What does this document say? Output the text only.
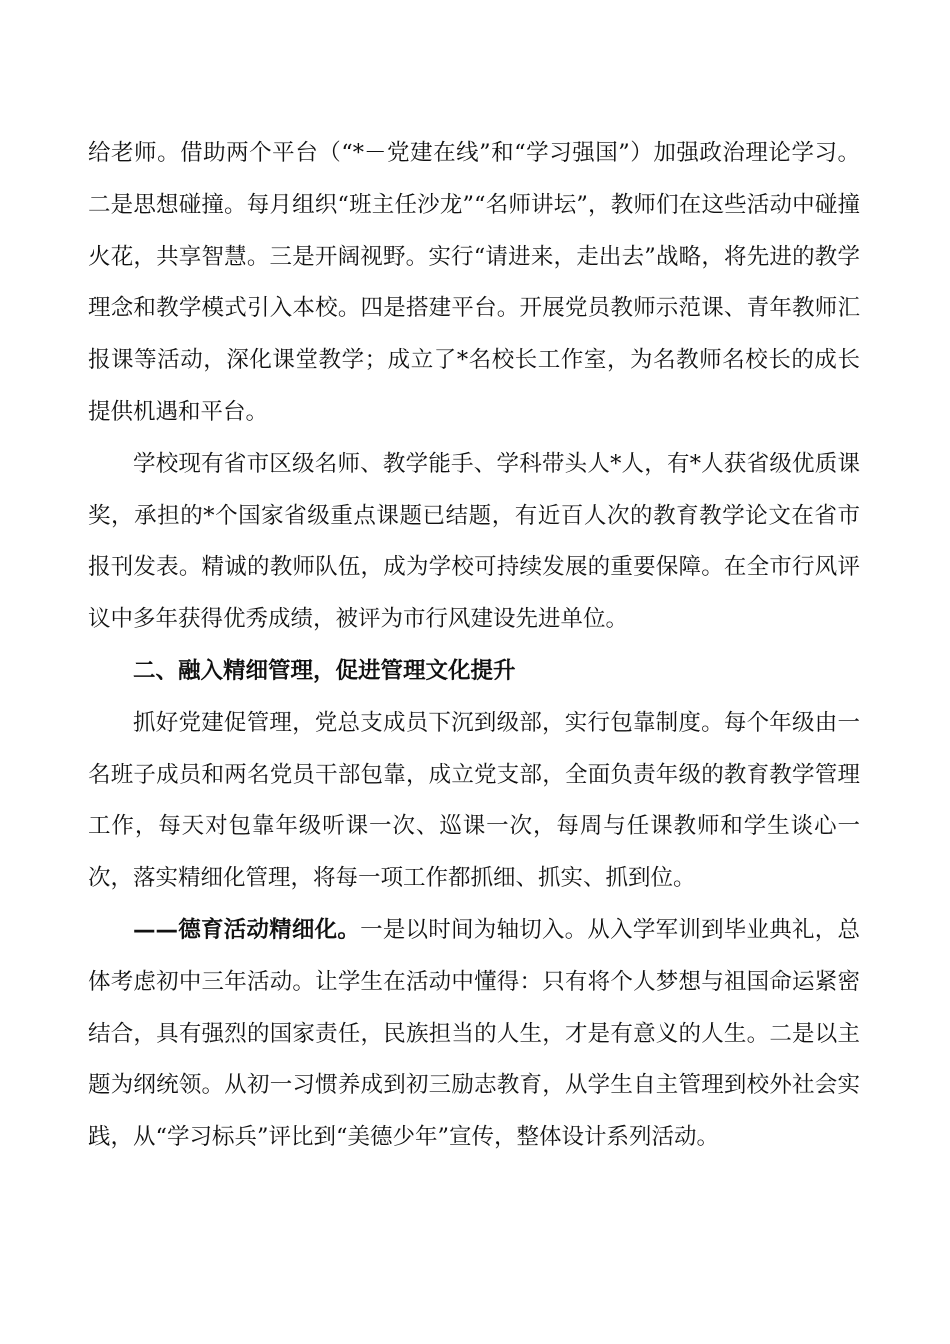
给老师。借助两个平台（“*－党建在线”和“学习强国”）加强政治理论学习。二是思想碰撞。每月组织“班主任沙龙”“名师讲坛”，教师们在这些活动中碰撞火花，共享智慧。三是开阔视野。实行“请进来，走出去”战略，将先进的教学理念和教学模式引入本校。四是搭建平台。开展党员教师示范课、青年教师汇报课等活动，深化课堂教学；成立了*名校长工作室，为名教师名校长的成长提供机遇和平台。

学校现有省市区级名师、教学能手、学科带头人*人，有*人获省级优质课奖，承担的*个国家省级重点课题已结题，有近百人次的教育教学论文在省市报刊发表。精诚的教师队伍，成为学校可持续发展的重要保障。在全市行风评议中多年获得优秀成绩，被评为市行风建设先进单位。

二、融入精细管理，促进管理文化提升

抓好党建促管理，党总支成员下沉到级部，实行包靠制度。每个年级由一名班子成员和两名党员干部包靠，成立党支部，全面负责年级的教育教学管理工作，每天对包靠年级听课一次、巡课一次，每周与任课教师和学生谈心一次，落实精细化管理，将每一项工作都抓细、抓实、抓到位。

——德育活动精细化。一是以时间为轴切入。从入学军训到毕业典礼，总体考虑初中三年活动。让学生在活动中懂得：只有将个人梦想与祖国命运紧密结合，具有强烈的国家责任，民族担当的人生，才是有意义的人生。二是以主题为纲统领。从初一习惯养成到初三励志教育，从学生自主管理到校外社会实践，从“学习标兵”评比到“美德少年”宣传，整体设计系列活动。
